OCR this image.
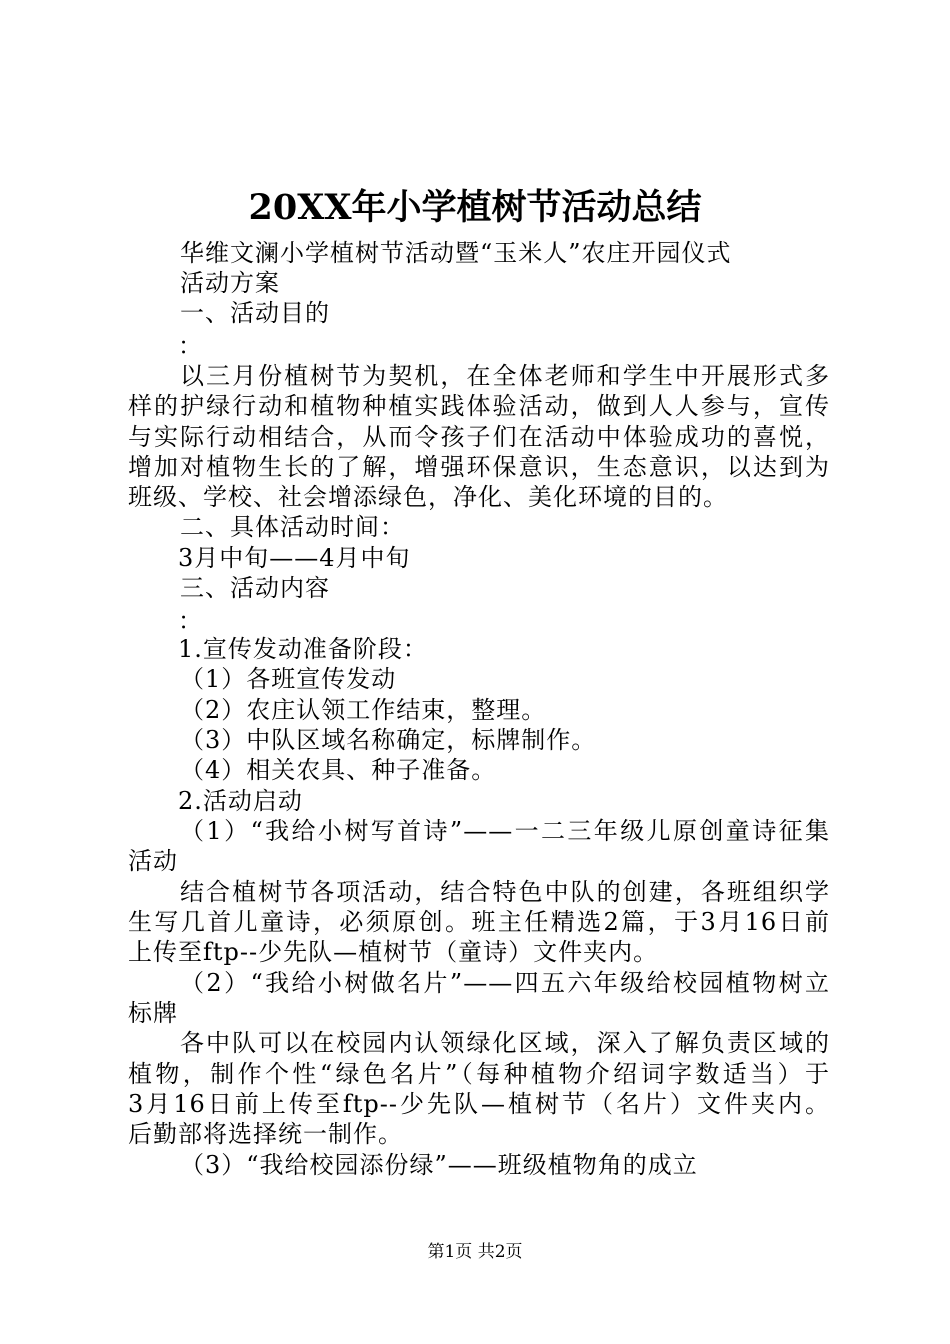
20XX年小学植树节活动总结
华维文澜小学植树节活动暨“玉米人”农庄开园仪式
活动方案
一、活动目的
：
以三月份植树节为契机，在全体老师和学生中开展形式多
样的护绿行动和植物种植实践体验活动，做到人人参与，宣传
与实际行动相结合，从而令孩子们在活动中体验成功的喜悦，
增加对植物生长的了解，增强环保意识，生态意识，以达到为
班级、学校、社会增添绿色，净化、美化环境的目的。
二、具体活动时间：
3月中旬——4月中旬
三、活动内容
：
1.宣传发动准备阶段：
（1）各班宣传发动
（2）农庄认领工作结束，整理。
（3）中队区域名称确定，标牌制作。
（4）相关农具、种子准备。
2.活动启动
（1）“我给小树写首诗”——一二三年级儿原创童诗征集
活动
结合植树节各项活动，结合特色中队的创建，各班组织学
生写几首儿童诗，必须原创。班主任精选2篇，于3月16日前
上传至ftp--少先队—植树节（童诗）文件夹内。
（2）“我给小树做名片”——四五六年级给校园植物树立
标牌
各中队可以在校园内认领绿化区域，深入了解负责区域的
植物，制作个性“绿色名片”（每种植物介绍词字数适当）于
3月16日前上传至ftp--少先队—植树节（名片）文件夹内。
后勤部将选择统一制作。
（3）“我给校园添份绿”——班级植物角的成立
第1页 共2页
